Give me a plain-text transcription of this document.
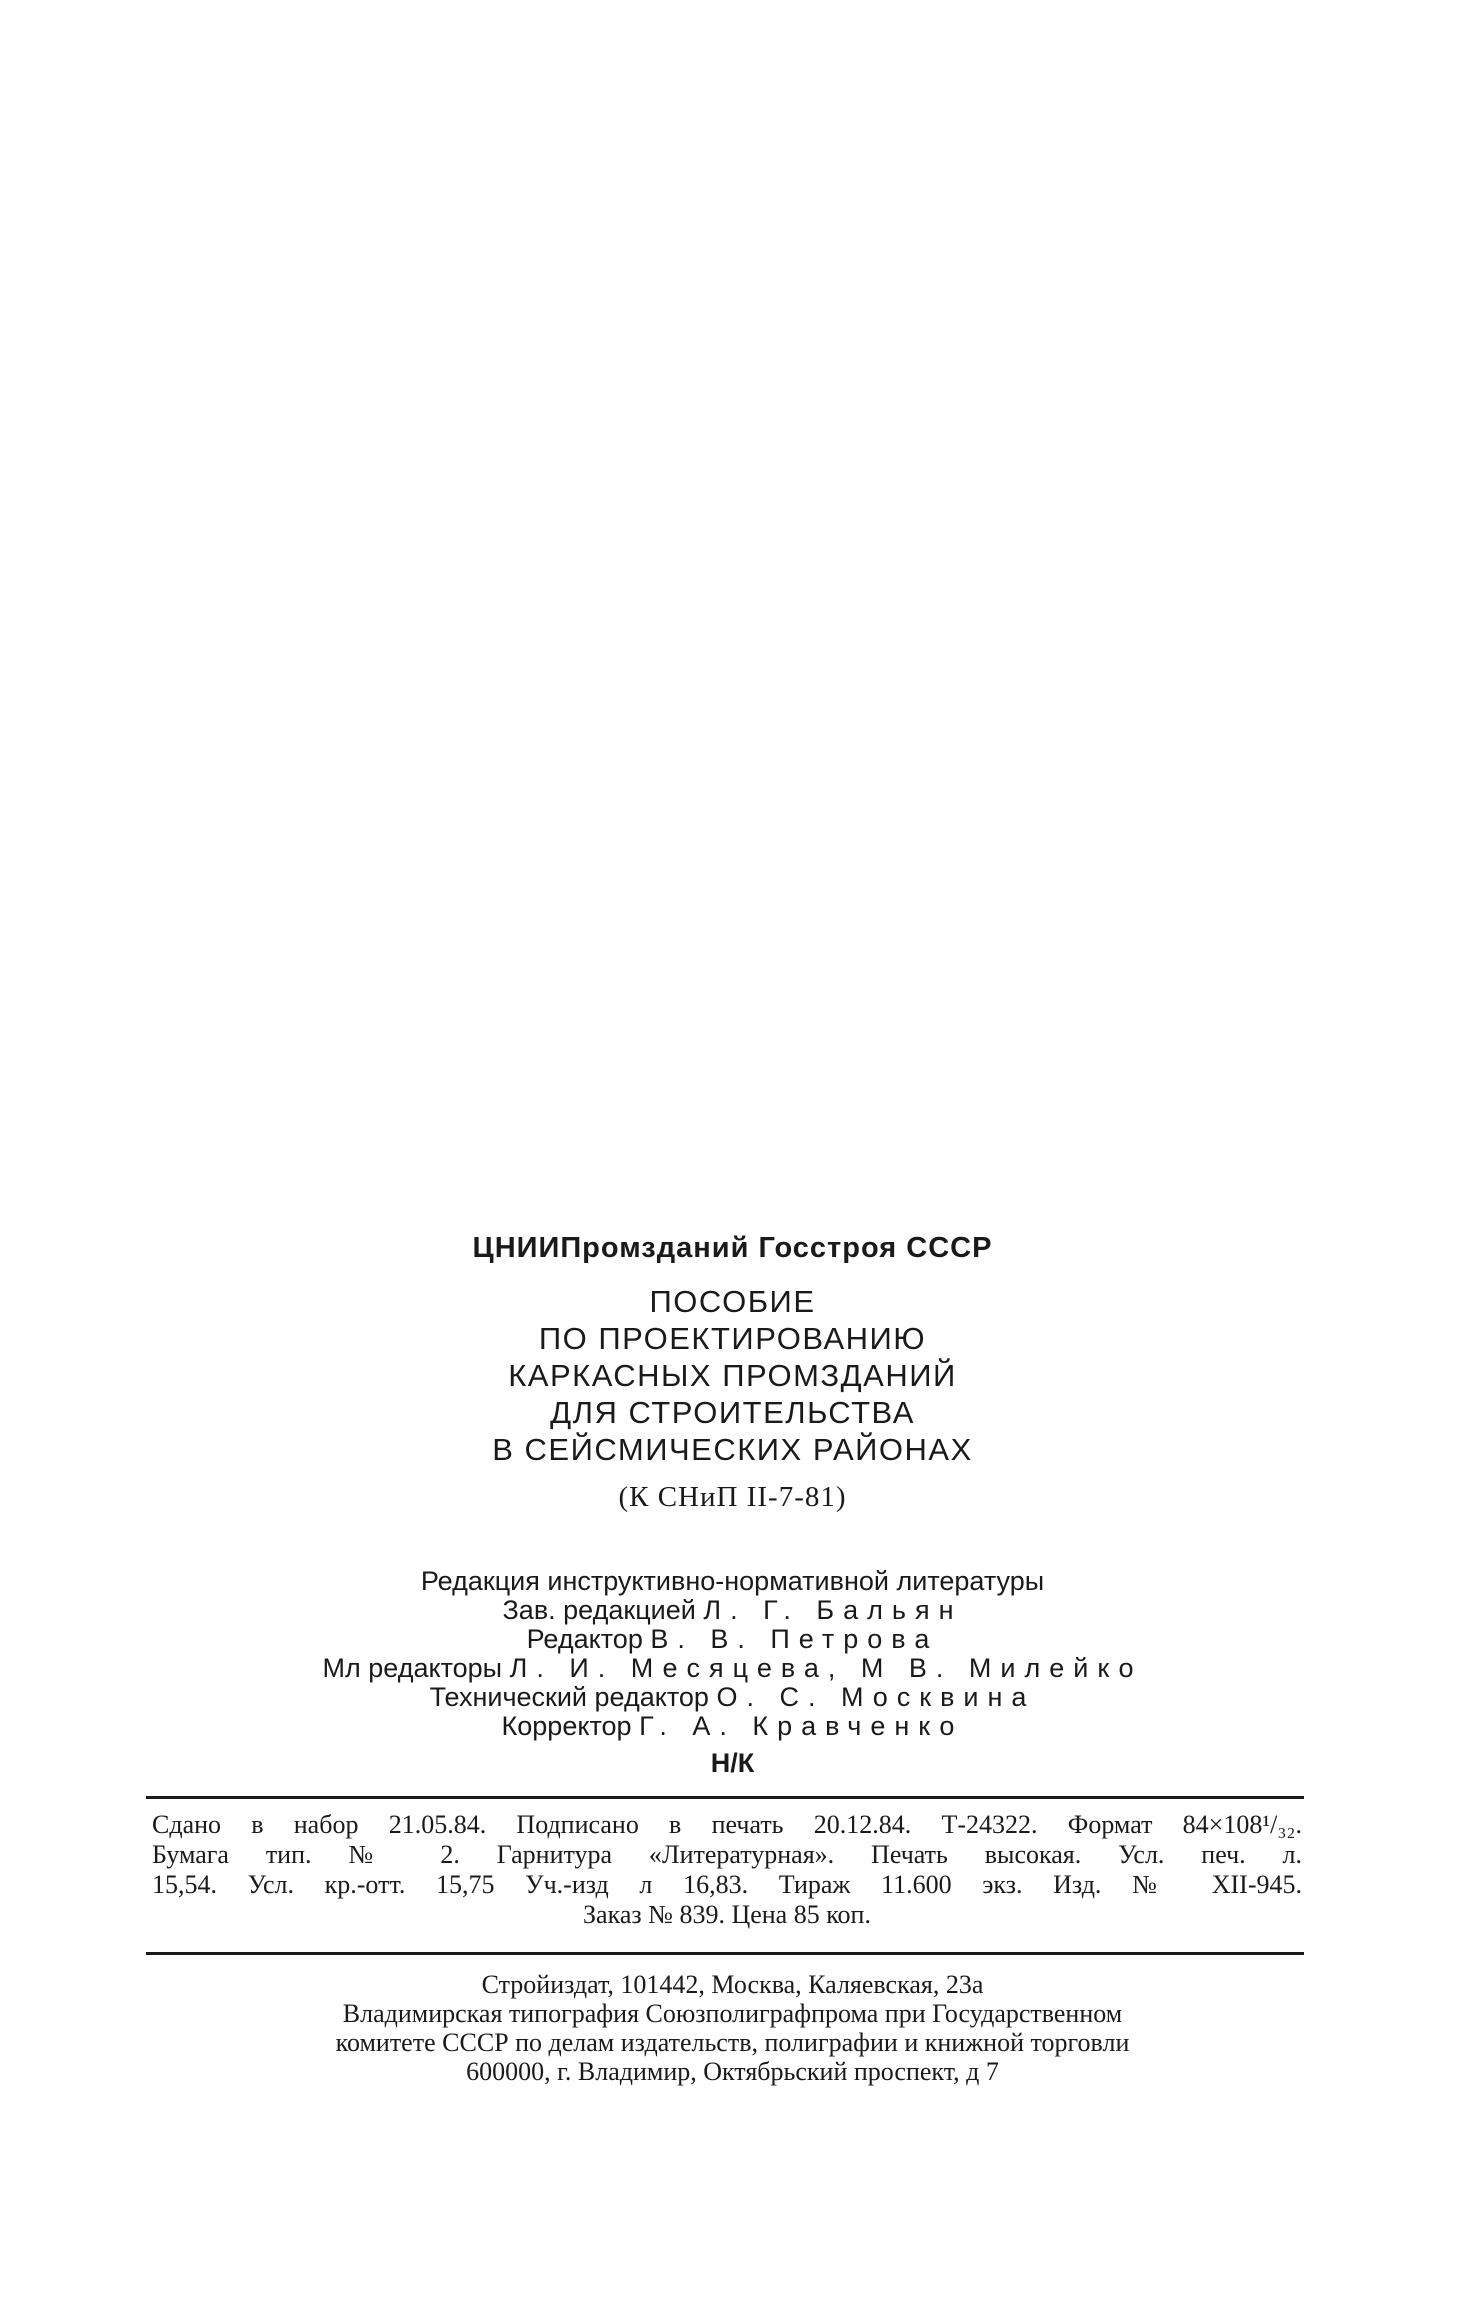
ЦНИИПромзданий Госстроя СССР
ПОСОБИЕ
ПО ПРОЕКТИРОВАНИЮ
КАРКАСНЫХ ПРОМЗДАНИЙ
ДЛЯ СТРОИТЕЛЬСТВА
В СЕЙСМИЧЕСКИХ РАЙОНАХ
(К СНиП II-7-81)
Редакция инструктивно-нормативной литературы
Зав. редакцией Л. Г. Бальян
Редактор В. В. Петрова
Мл редакторы Л. И. Месяцева, М В. Милейко
Технический редактор О. С. Москвина
Корректор Г. А. Кравченко
Н/К
Сдано в набор 21.05.84. Подписано в печать 20.12.84. Т-24322. Формат 84×108¹/₃₂.
Бумага тип. № 2. Гарнитура «Литературная». Печать высокая. Усл. печ. л.
15,54. Усл. кр.-отт. 15,75 Уч.-изд л 16,83. Тираж 11.600 экз. Изд. № XII-945.
Заказ № 839. Цена 85 коп.
Стройиздат, 101442, Москва, Каляевская, 23а
Владимирская типография Союзполиграфпрома при Государственном
комитете СССР по делам издательств, полиграфии и книжной торговли
600000, г. Владимир, Октябрьский проспект, д 7
